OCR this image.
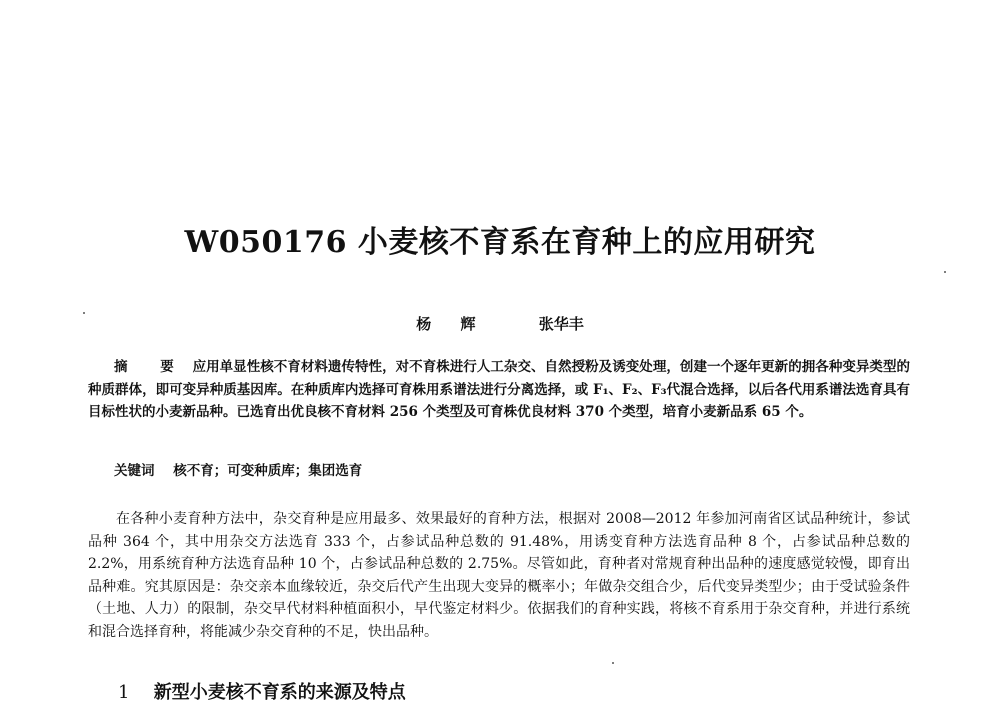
W050176 小麦核不育系在育种上的应用研究
杨 辉	张华丰
摘 要 应用单显性核不育材料遗传特性，对不育株进行人工杂交、自然授粉及诱变处理，创建一个逐年更新的拥各种变异类型的种质群体，即可变异种质基因库。在种质库内选择可育株用系谱法进行分离选择，或 F₁、F₂、F₃代混合选择，以后各代用系谱法选育具有目标性状的小麦新品种。已选育出优良核不育材料 256 个类型及可育株优良材料 370 个类型，培育小麦新品系 65 个。
关键词 核不育；可变种质库；集团选育
在各种小麦育种方法中，杂交育种是应用最多、效果最好的育种方法，根据对 2008—2012 年参加河南省区试品种统计，参试品种 364 个，其中用杂交方法选育 333 个，占参试品种总数的 91.48%，用诱变育种方法选育品种 8 个，占参试品种总数的 2.2%，用系统育种方法选育品种 10 个，占参试品种总数的 2.75%。尽管如此，育种者对常规育种出品种的速度感觉较慢，即育出品种难。究其原因是：杂交亲本血缘较近，杂交后代产生出现大变异的概率小；年做杂交组合少，后代变异类型少；由于受试验条件（土地、人力）的限制，杂交早代材料种植面积小，早代鉴定材料少。依据我们的育种实践，将核不育系用于杂交育种，并进行系统和混合选择育种，将能减少杂交育种的不足，快出品种。
1 新型小麦核不育系的来源及特点
